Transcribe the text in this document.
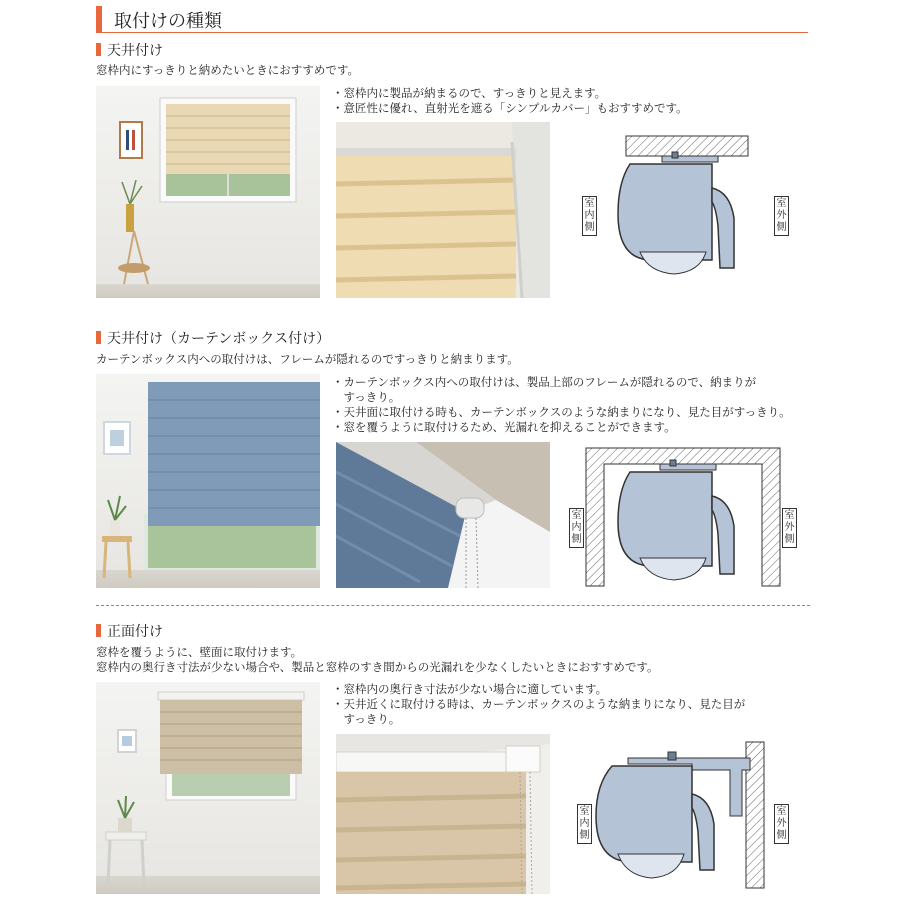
取付けの種類
天井付け
窓枠内にすっきりと納めたいときにおすすめです。
・窓枠内に製品が納まるので、すっきりと見えます。
・意匠性に優れ、直射光を遮る「シンプルカバー」もおすすめです。
室内側
室外側
天井付け（カーテンボックス付け）
カーテンボックス内への取付けは、フレームが隠れるのですっきりと納まります。
・カーテンボックス内への取付けは、製品上部のフレームが隠れるので、納まりが
　すっきり。
・天井面に取付ける時も、カーテンボックスのような納まりになり、見た目がすっきり。
・窓を覆うように取付けるため、光漏れを抑えることができます。
室内側
室外側
正面付け
窓枠を覆うように、壁面に取付けます。
窓枠内の奥行き寸法が少ない場合や、製品と窓枠のすき間からの光漏れを少なくしたいときにおすすめです。
・窓枠内の奥行き寸法が少ない場合に適しています。
・天井近くに取付ける時は、カーテンボックスのような納まりになり、見た目が
　すっきり。
室内側
室外側
